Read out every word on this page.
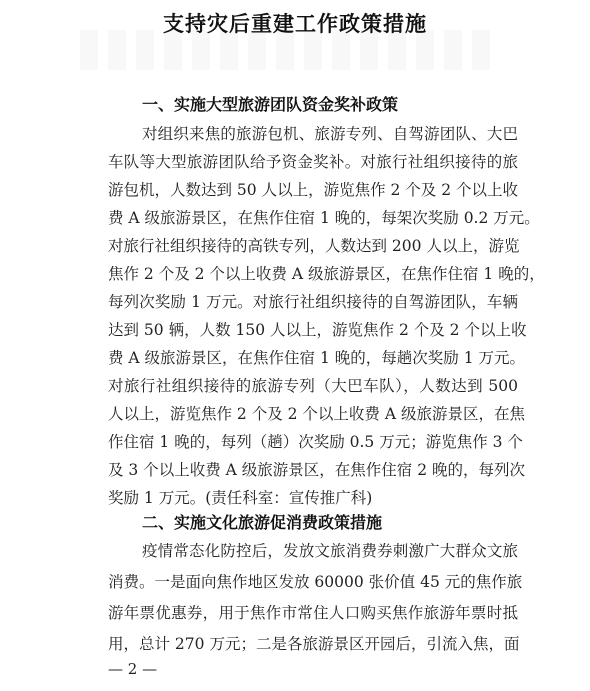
支持灾后重建工作政策措施
一、实施大型旅游团队资金奖补政策
对组织来焦的旅游包机、旅游专列、自驾游团队、大巴
车队等大型旅游团队给予资金奖补。对旅行社组织接待的旅
游包机，人数达到 50 人以上，游览焦作 2 个及 2 个以上收
费 A 级旅游景区，在焦作住宿 1 晚的，每架次奖励 0.2 万元。
对旅行社组织接待的高铁专列，人数达到 200 人以上，游览
焦作 2 个及 2 个以上收费 A 级旅游景区，在焦作住宿 1 晚的，
每列次奖励 1 万元。对旅行社组织接待的自驾游团队，车辆
达到 50 辆，人数 150 人以上，游览焦作 2 个及 2 个以上收
费 A 级旅游景区，在焦作住宿 1 晚的，每趟次奖励 1 万元。
对旅行社组织接待的旅游专列（大巴车队），人数达到 500
人以上，游览焦作 2 个及 2 个以上收费 A 级旅游景区，在焦
作住宿 1 晚的，每列（趟）次奖励 0.5 万元；游览焦作 3 个
及 3 个以上收费 A 级旅游景区，在焦作住宿 2 晚的，每列次
奖励 1 万元。(责任科室：宣传推广科)
二、实施文化旅游促消费政策措施
疫情常态化防控后，发放文旅消费券刺激广大群众文旅
消费。一是面向焦作地区发放 60000 张价值 45 元的焦作旅
游年票优惠券，用于焦作市常住人口购买焦作旅游年票时抵
用，总计 270 万元；二是各旅游景区开园后，引流入焦，面
— 2 —
